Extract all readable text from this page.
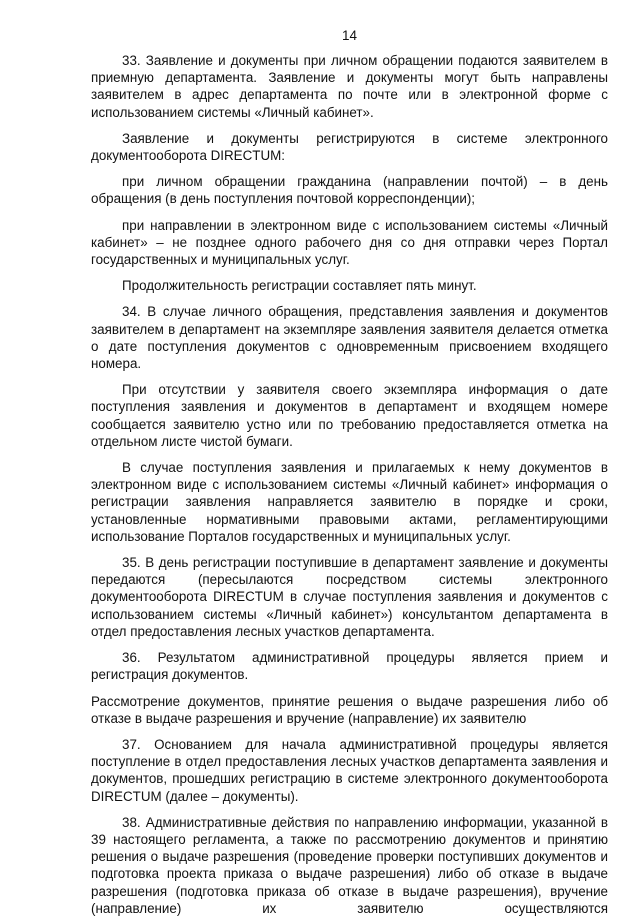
14

33. Заявление и документы при личном обращении подаются заявителем в приемную департамента. Заявление и документы могут быть направлены заявителем в адрес департамента по почте или в электронной форме с использованием системы «Личный кабинет».

Заявление и документы регистрируются в системе электронного документооборота DIRECTUM:

при личном обращении гражданина (направлении почтой) – в день обращения (в день поступления почтовой корреспонденции);

при направлении в электронном виде с использованием системы «Личный кабинет» – не позднее одного рабочего дня со дня отправки через Портал государственных и муниципальных услуг.

Продолжительность регистрации составляет пять минут.

34. В случае личного обращения, представления заявления и документов заявителем в департамент на экземпляре заявления заявителя делается отметка о дате поступления документов с одновременным присвоением входящего номера.

При отсутствии у заявителя своего экземпляра информация о дате поступления заявления и документов в департамент и входящем номере сообщается заявителю устно или по требованию предоставляется отметка на отдельном листе чистой бумаги.

В случае поступления заявления и прилагаемых к нему документов в электронном виде с использованием системы «Личный кабинет» информация о регистрации заявления направляется заявителю в порядке и сроки, установленные нормативными правовыми актами, регламентирующими использование Порталов государственных и муниципальных услуг.

35. В день регистрации поступившие в департамент заявление и документы передаются (пересылаются посредством системы электронного документооборота DIRECTUM в случае поступления заявления и документов с использованием системы «Личный кабинет») консультантом департамента в отдел предоставления лесных участков департамента.

36. Результатом административной процедуры является прием и регистрация документов.

Рассмотрение документов, принятие решения о выдаче разрешения либо об отказе в выдаче разрешения и вручение (направление) их заявителю

37. Основанием для начала административной процедуры является поступление в отдел предоставления лесных участков департамента заявления и документов, прошедших регистрацию в системе электронного документооборота DIRECTUM (далее – документы).

38. Административные действия по направлению информации, указанной в 39 настоящего регламента, а также по рассмотрению документов и принятию решения о выдаче разрешения (проведение проверки поступивших документов и подготовка проекта приказа о выдаче разрешения) либо об отказе в выдаче разрешения (подготовка приказа об отказе в выдаче разрешения), вручение (направление) их заявителю осуществляются
